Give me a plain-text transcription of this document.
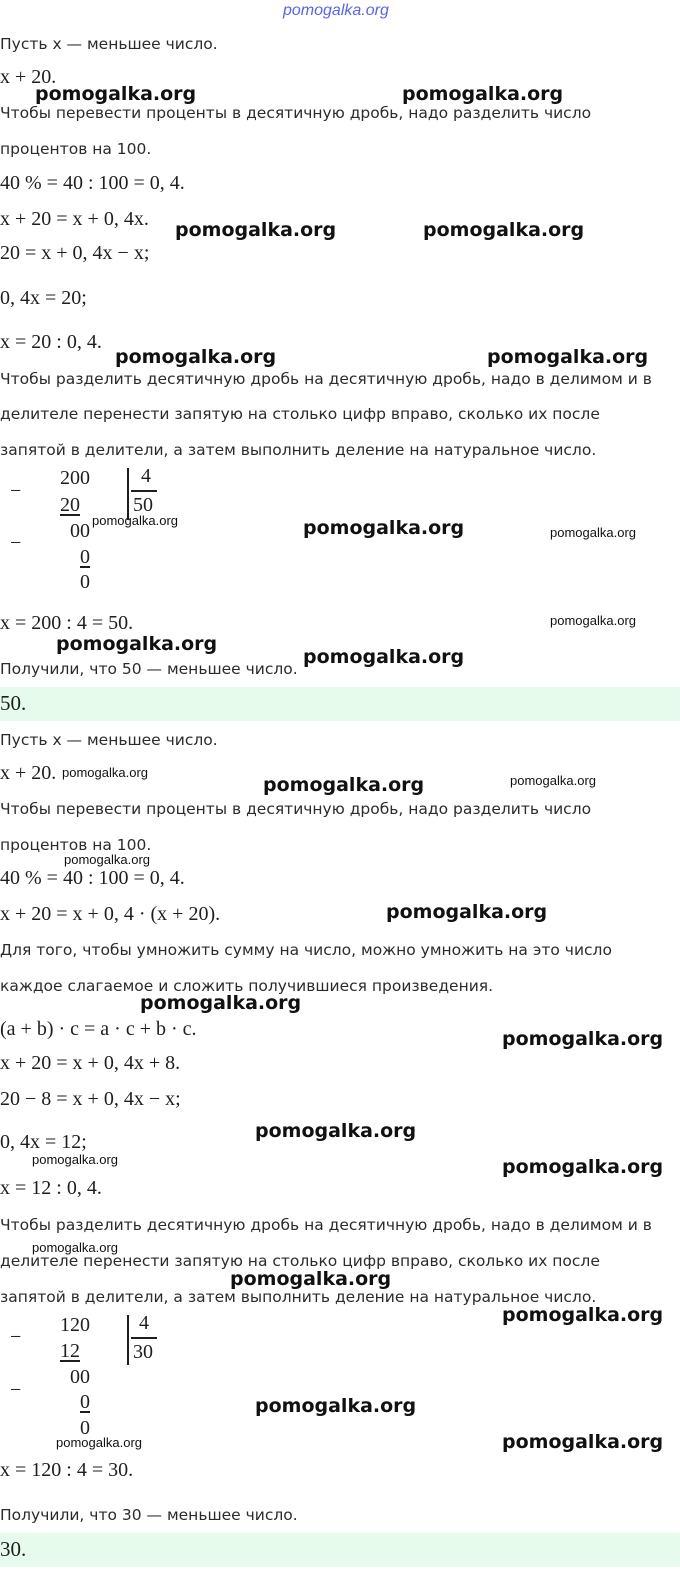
pomogalka.org
Пусть x — меньшее число.
x + 20.
Чтобы перевести проценты в десятичную дробь, надо разделить число
процентов на 100.
40 % = 40 : 100 = 0, 4.
x + 20 = x + 0, 4x.
20 = x + 0, 4x − x;
0, 4x = 20;
x = 20 : 0, 4.
Чтобы разделить десятичную дробь на десятичную дробь, надо в делимом и в
делителе перенести запятую на столько цифр вправо, сколько их после
запятой в делители, а затем выполнить деление на натуральное число.
−
200
20
−
00
0
0
4
50
x = 200 : 4 = 50.
Получили, что 50 — меньшее число.
50.
Пусть x — меньшее число.
x + 20.
Чтобы перевести проценты в десятичную дробь, надо разделить число
процентов на 100.
40 % = 40 : 100 = 0, 4.
x + 20 = x + 0, 4 · (x + 20).
Для того, чтобы умножить сумму на число, можно умножить на это число
каждое слагаемое и сложить получившиеся произведения.
(a + b) · c = a · c + b · c.
x + 20 = x + 0, 4x + 8.
20 − 8 = x + 0, 4x − x;
0, 4x = 12;
x = 12 : 0, 4.
Чтобы разделить десятичную дробь на десятичную дробь, надо в делимом и в
делителе перенести запятую на столько цифр вправо, сколько их после
запятой в делители, а затем выполнить деление на натуральное число.
−
120
12
−
00
0
0
4
30
x = 120 : 4 = 30.
Получили, что 30 — меньшее число.
30.
pomogalka.org	pomogalka.org
pomogalka.org	pomogalka.org
pomogalka.org	pomogalka.org
pomogalka.org	pomogalka.org	pomogalka.org
pomogalka.org
pomogalka.org
pomogalka.org
pomogalka.org
pomogalka.org	pomogalka.org
pomogalka.org
pomogalka.org
pomogalka.org
pomogalka.org
pomogalka.org
pomogalka.org	pomogalka.org
pomogalka.org
pomogalka.org
pomogalka.org
pomogalka.org
pomogalka.org	pomogalka.org
